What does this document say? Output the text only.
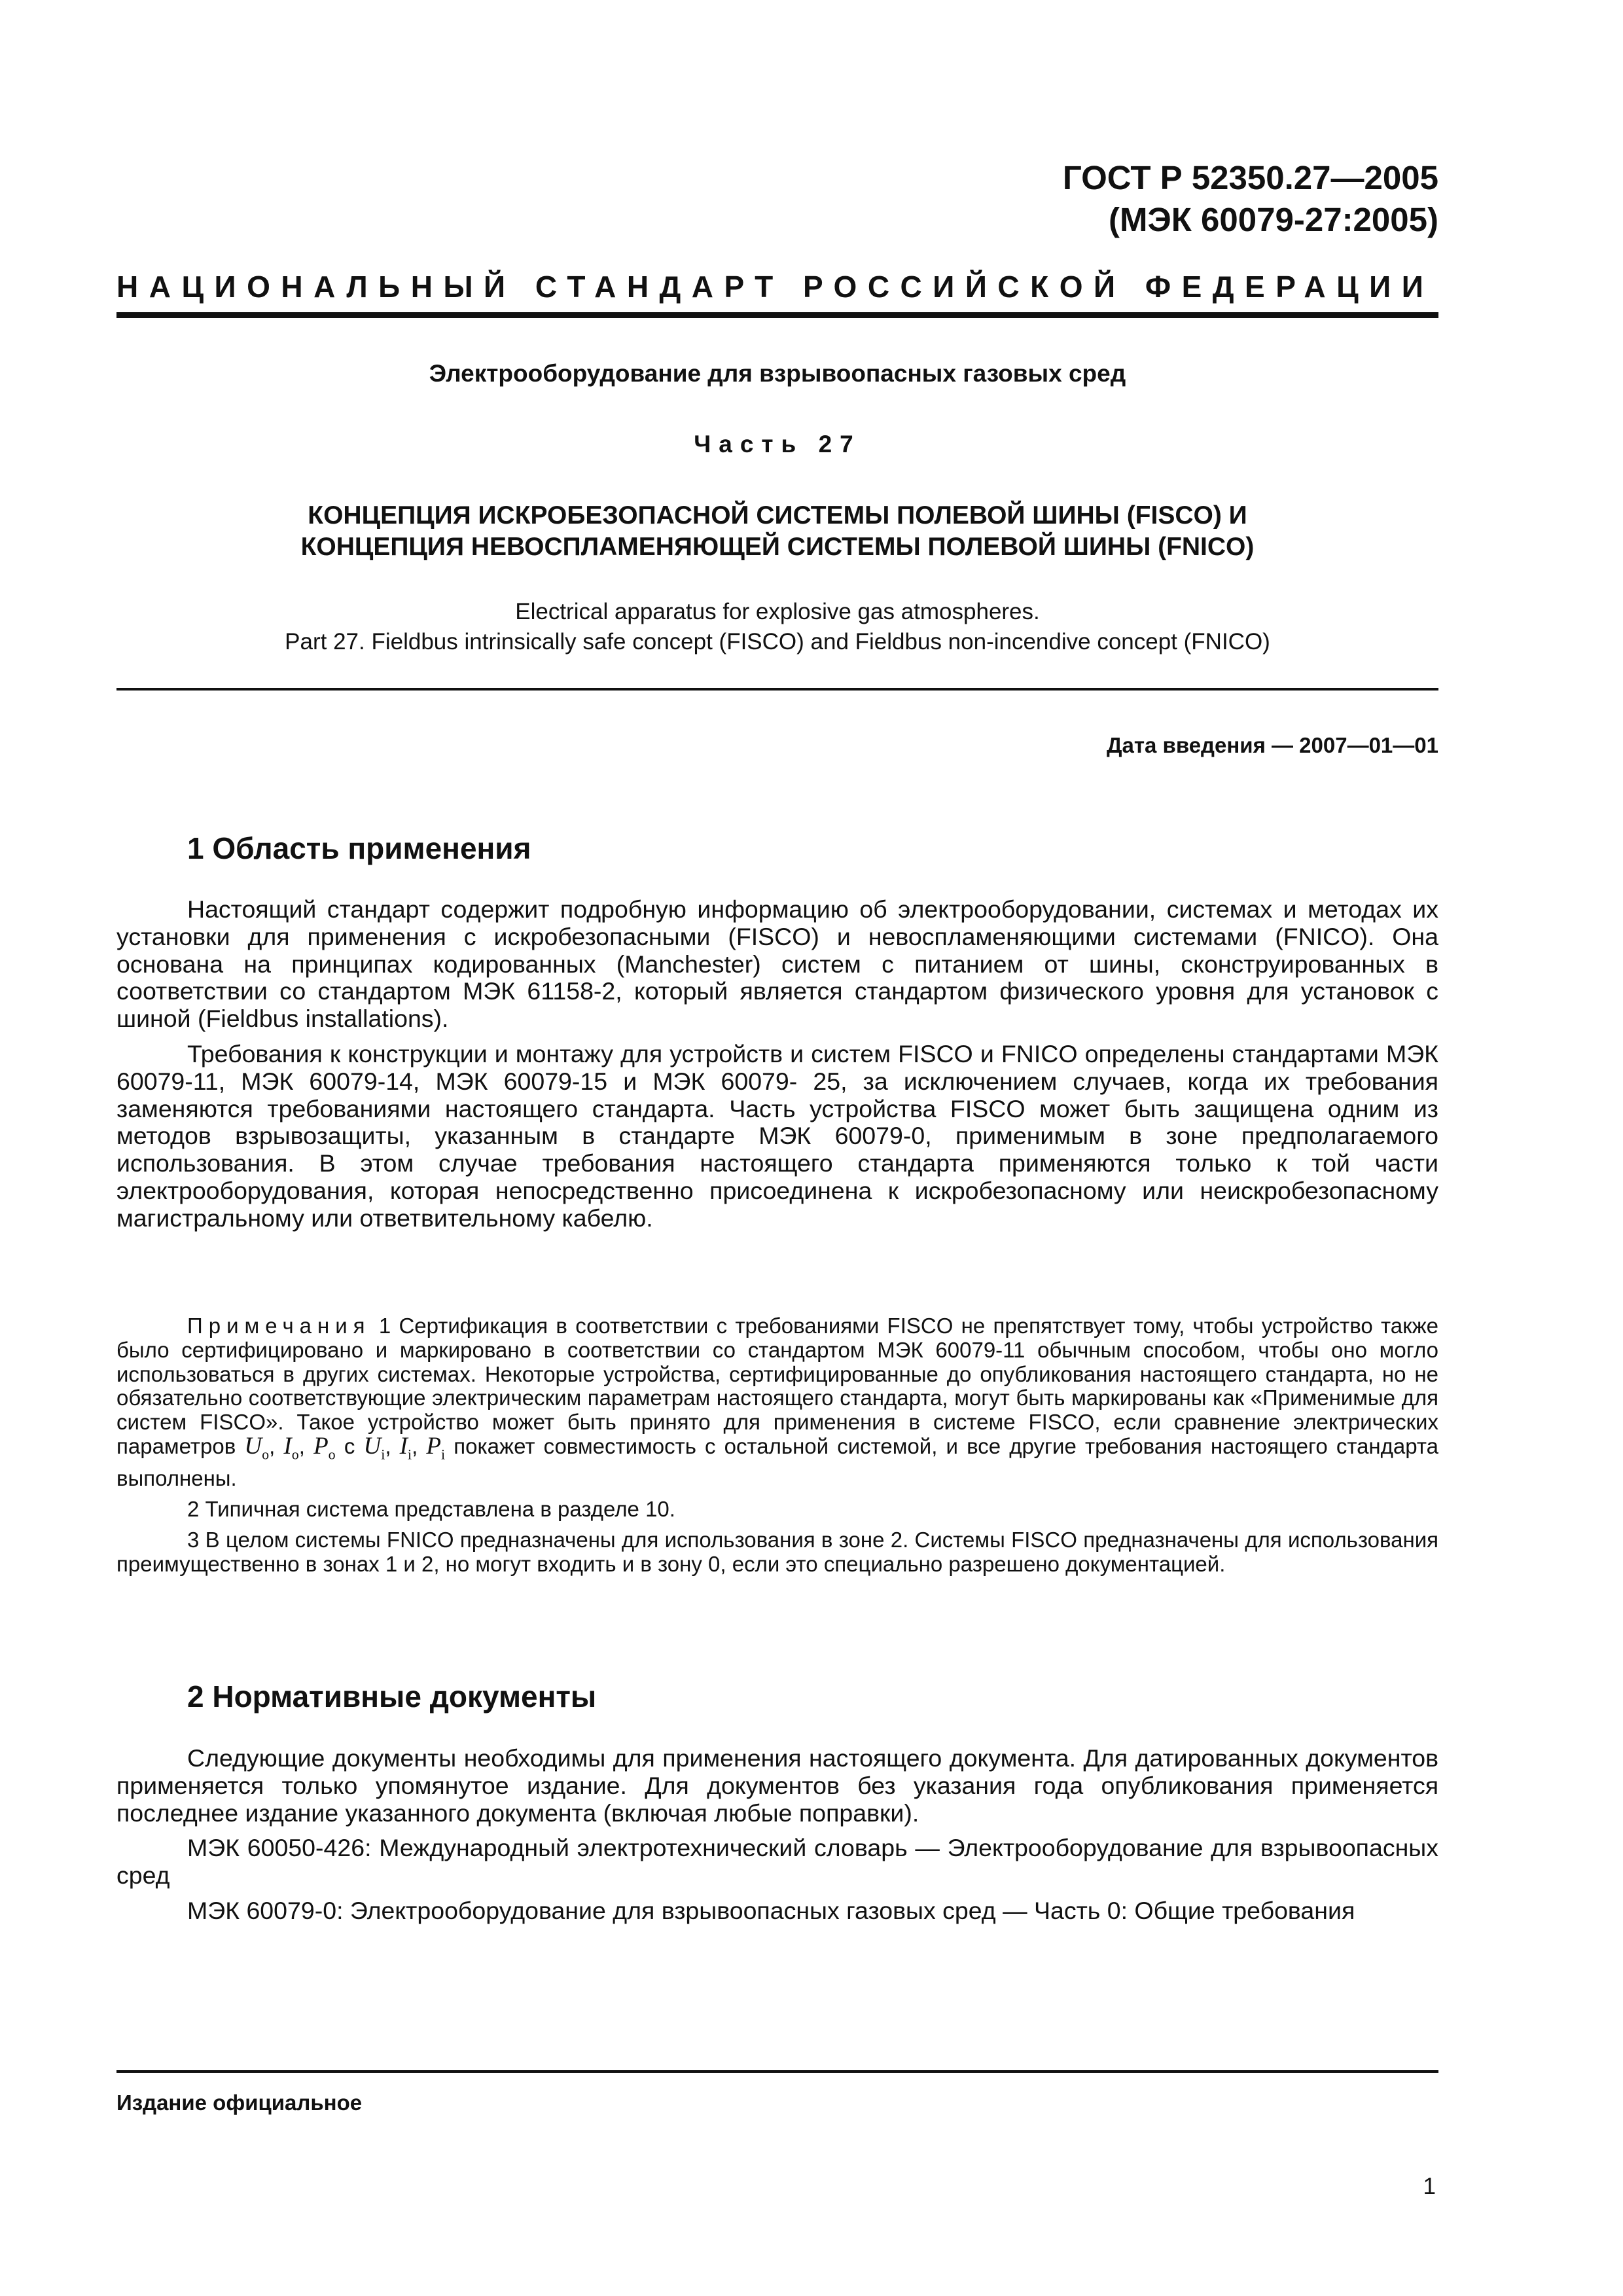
ГОСТ Р 52350.27—2005
(МЭК 60079-27:2005)
НАЦИОНАЛЬНЫЙ СТАНДАРТ РОССИЙСКОЙ ФЕДЕРАЦИИ
Электрооборудование для взрывоопасных газовых сред
Часть 27
КОНЦЕПЦИЯ ИСКРОБЕЗОПАСНОЙ СИСТЕМЫ ПОЛЕВОЙ ШИНЫ (FISCO) И
КОНЦЕПЦИЯ НЕВОСПЛАМЕНЯЮЩЕЙ СИСТЕМЫ ПОЛЕВОЙ ШИНЫ (FNICO)
Electrical apparatus for explosive gas atmospheres.
Part 27. Fieldbus intrinsically safe concept (FISCO) and Fieldbus non-incendive concept (FNICO)
Дата введения — 2007—01—01
1 Область применения

Настоящий стандарт содержит подробную информацию об электрооборудовании, системах и методах их установки для применения с искробезопасными (FISCO) и невоспламеняющими системами (FNICO). Она основана на принципах кодированных (Manchester) систем с питанием от шины, сконструированных в соответствии со стандартом МЭК 61158-2, который является стандартом физического уровня для установок с шиной (Fieldbus installations).

Требования к конструкции и монтажу для устройств и систем FISCO и FNICO определены стандартами МЭК 60079-11, МЭК 60079-14, МЭК 60079-15 и МЭК 60079- 25, за исключением случаев, когда их требования заменяются требованиями настоящего стандарта. Часть устройства FISCO может быть защищена одним из методов взрывозащиты, указанным в стандарте МЭК 60079-0, применимым в зоне предполагаемого использования. В этом случае требования настоящего стандарта применяются только к той части электрооборудования, которая непосредственно присоединена к искробезопасному или неискробезопасному магистральному или ответвительному кабелю.

Примечания 1 Сертификация в соответствии с требованиями FISCO не препятствует тому, чтобы устройство также было сертифицировано и маркировано в соответствии со стандартом МЭК 60079-11 обычным способом, чтобы оно могло использоваться в других системах. Некоторые устройства, сертифицированные до опубликования настоящего стандарта, но не обязательно соответствующие электрическим параметрам настоящего стандарта, могут быть маркированы как «Применимые для систем FISCO». Такое устройство может быть принято для применения в системе FISCO, если сравнение электрических параметров $U_o$, $I_o$, $P_o$ с $U_i$, $I_i$, $P_i$ покажет совместимость с остальной системой, и все другие требования настоящего стандарта выполнены.

2 Типичная система представлена в разделе 10.

3 В целом системы FNICO предназначены для использования в зоне 2. Системы FISCO предназначены для использования преимущественно в зонах 1 и 2, но могут входить и в зону 0, если это специально разрешено документацией.

2 Нормативные документы

Следующие документы необходимы для применения настоящего документа. Для датированных документов применяется только упомянутое издание. Для документов без указания года опубликования применяется последнее издание указанного документа (включая любые поправки).

МЭК 60050-426: Международный электротехнический словарь — Электрооборудование для взрывоопасных сред

МЭК 60079-0: Электрооборудование для взрывоопасных газовых сред — Часть 0: Общие требования

Издание официальное
1
